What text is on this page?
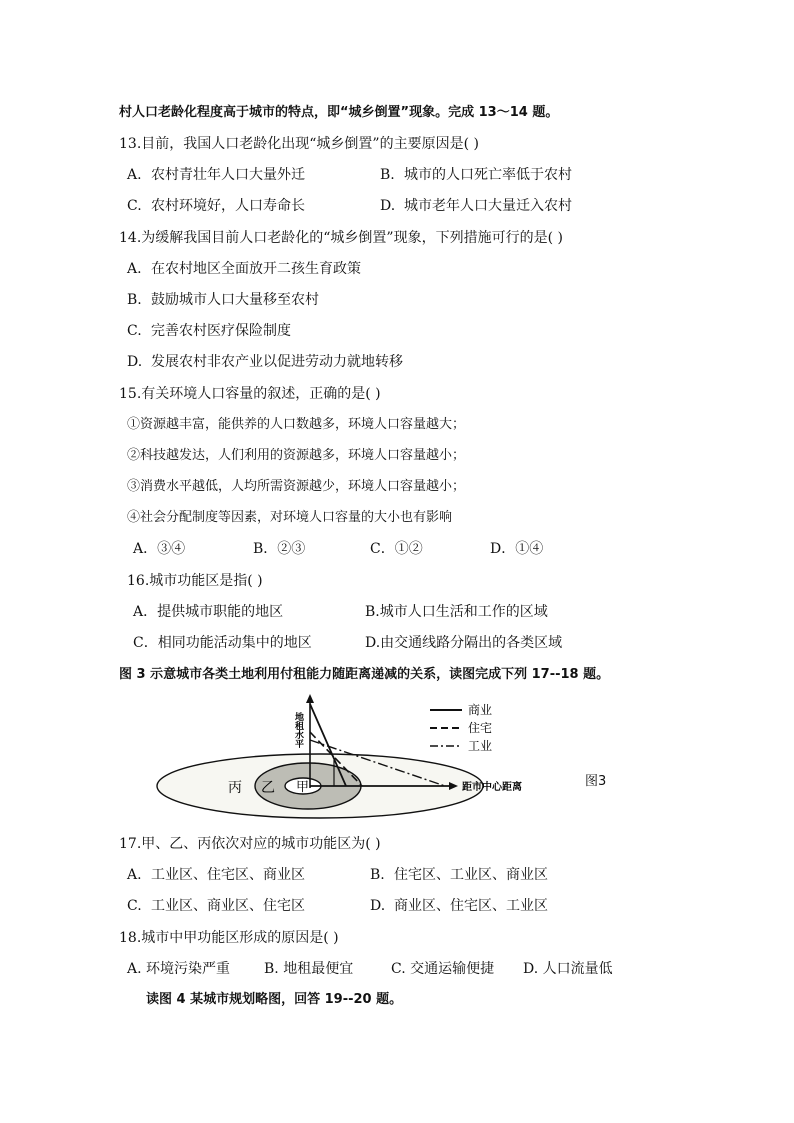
村人口老龄化程度高于城市的特点，即“城乡倒置”现象。完成 13～14 题。
13.目前，我国人口老龄化出现“城乡倒置”的主要原因是( )
A. 农村青壮年人口大量外迁	B. 城市的人口死亡率低于农村
C. 农村环境好，人口寿命长	D. 城市老年人口大量迁入农村
14.为缓解我国目前人口老龄化的“城乡倒置”现象，下列措施可行的是( )
A. 在农村地区全面放开二孩生育政策
B. 鼓励城市人口大量移至农村
C. 完善农村医疗保险制度
D. 发展农村非农产业以促进劳动力就地转移
15.有关环境人口容量的叙述，正确的是( )
①资源越丰富，能供养的人口数越多，环境人口容量越大；
②科技越发达，人们利用的资源越多，环境人口容量越小；
③消费水平越低，人均所需资源越少，环境人口容量越小；
④社会分配制度等因素，对环境人口容量的大小也有影响
A．③④	B．②③	C．①②	D．①④
16.城市功能区是指( )
A．提供城市职能的地区	B.城市人口生活和工作的区域
C．相同功能活动集中的地区	D.由交通线路分隔出的各类区域
图 3 示意城市各类土地利用付租能力随距离递减的关系，读图完成下列 17--18 题。
地租水平
距市中心距离
商业
住宅
工业
甲
乙
丙	图3
17.甲、乙、丙依次对应的城市功能区为( )
A. 工业区、住宅区、商业区	B. 住宅区、工业区、商业区
C. 工业区、商业区、住宅区	D. 商业区、住宅区、工业区
18.城市中甲功能区形成的原因是( )
A. 环境污染严重 B. 地租最便宜	C. 交通运输便捷 D. 人口流量低
读图 4 某城市规划略图，回答 19--20 题。
